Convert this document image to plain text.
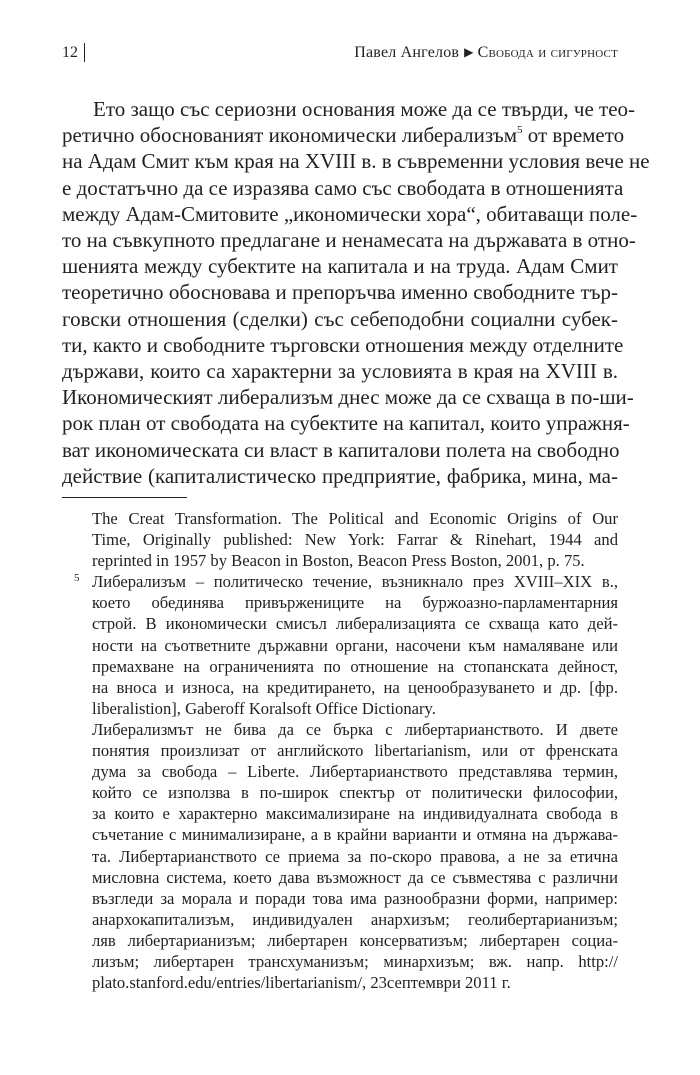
12	Павел Ангелов ▶ Свобода и сигурност
Ето защо със сериозни основания може да се твърди, че тео-
ретично обоснованият икономически либерализъм$^5$ от времето
на Адам Смит към края на XVIII в. в съвременни условия вече не
е достатъчно да се изразява само със свободата в отношенията
между Адам-Смитовите „икономически хора“, обитаващи поле-
то на съвкупното предлагане и ненамесата на държавата в отно-
шенията между субектите на капитала и на труда. Адам Смит
теоретично обосновава и препоръчва именно свободните тър-
говски отношения (сделки) със себеподобни социални субек-
ти, както и свободните търговски отношения между отделните
държави, които са характерни за условията в края на XVIII в.
Икономическият либерализъм днес може да се схваща в по-ши-
рок план от свободата на субектите на капитал, които упражня-
ват икономическата си власт в капиталови полета на свободно
действие (капиталистическо предприятие, фабрика, мина, ма-
The Creat Transformation. The Political and Economic Origins of Our
Time, Originally published: New York: Farrar & Rinehart, 1944 and
reprinted in 1957 by Beacon in Boston, Beacon Press Boston, 2001, p. 75.
5 Либерализъм – политическо течение, възникнало през XVIII–XIX в.,
което обединява привържениците на буржоазно-парламентарния
строй. В икономически смисъл либерализацията се схваща като дей-
ности на съответните държавни органи, насочени към намаляване или
премахване на ограниченията по отношение на стопанската дейност,
на вноса и износа, на кредитирането, на ценообразуването и др. [фр.
liberalistion], Gaberoff Koralsoft Office Dictionary.
Либерализмът не бива да се бърка с либертарианството. И двете
понятия произлизат от английското libertarianism, или от френската
дума за свобода – Liberte. Либертарианството представлява термин,
който се използва в по-широк спектър от политически философии,
за които е характерно максимализиране на индивидуалната свобода в
съчетание с минимализиране, а в крайни варианти и отмяна на държава-
та. Либертарианството се приема за по-скоро правова, а не за етична
мисловна система, което дава възможност да се съвместява с различни
възгледи за морала и поради това има разнообразни форми, например:
анархокапитализъм, индивидуален анархизъм; геолибертарианизъм;
ляв либертарианизъм; либертарен консерватизъм; либертарен социа-
лизъм; либертарен трансхуманизъм; минархизъм; вж. напр. http://
plato.stanford.edu/entries/libertarianism/, 23септември 2011 г.
